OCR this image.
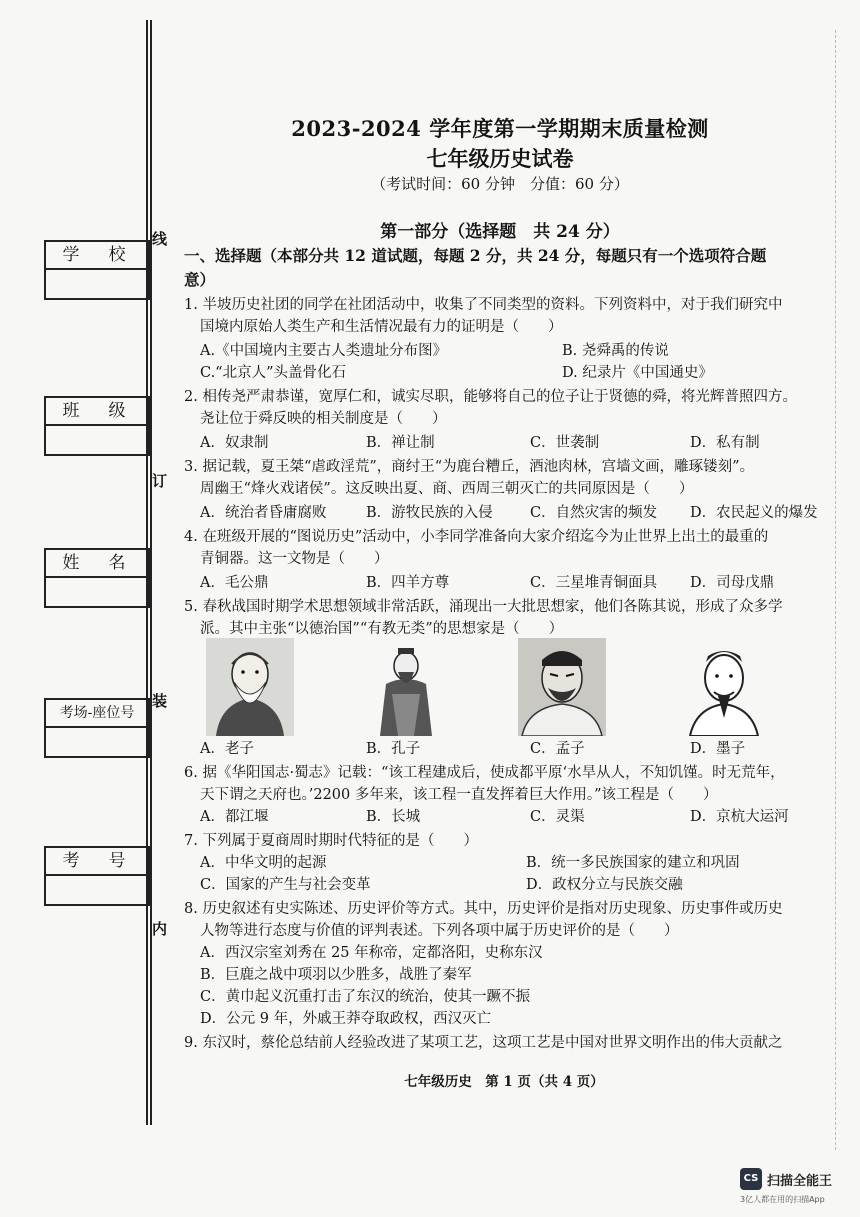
线
订
装
内
学　校
班　级
姓　名
考场-座位号
考　号
2023-2024 学年度第一学期期末质量检测
七年级历史试卷
（考试时间：60 分钟　分值：60 分）
第一部分（选择题　共 24 分）
一、选择题（本部分共 12 道试题，每题 2 分，共 24 分，每题只有一个选项符合题
意）
1. 半坡历史社团的同学在社团活动中，收集了不同类型的资料。下列资料中，对于我们研究中
国境内原始人类生产和生活情况最有力的证明是（　　）
A.《中国境内主要古人类遗址分布图》	B. 尧舜禹的传说
C.“北京人”头盖骨化石	D. 纪录片《中国通史》
2. 相传尧严肃恭谨，宽厚仁和，诚实尽职，能够将自己的位子让于贤德的舜，将光辉普照四方。
尧让位于舜反映的相关制度是（　　）
A．奴隶制	B．禅让制	C．世袭制	D．私有制
3. 据记载，夏王桀“虐政淫荒”，商纣王“为鹿台糟丘，酒池肉林，宫墙文画，雕琢镂刻”。
周幽王“烽火戏诸侯”。这反映出夏、商、西周三朝灭亡的共同原因是（　　）
A．统治者昏庸腐败	B．游牧民族的入侵	C．自然灾害的频发 D．农民起义的爆发
4. 在班级开展的“图说历史”活动中，小李同学准备向大家介绍迄今为止世界上出土的最重的
青铜器。这一文物是（　　）
A．毛公鼎	B．四羊方尊	C．三星堆青铜面具 D．司母戊鼎
5. 春秋战国时期学术思想领域非常活跃，涌现出一大批思想家，他们各陈其说，形成了众多学
派。其中主张“以德治国”“有教无类”的思想家是（　　）
A．老子	B．孔子	C．孟子	D．墨子
6. 据《华阳国志·蜀志》记载：“该工程建成后，使成都平原‘水旱从人，不知饥馑。时无荒年，
天下谓之天府也。’2200 多年来，该工程一直发挥着巨大作用。”该工程是（　　）
A．都江堰	B．长城	C．灵渠	D．京杭大运河
7. 下列属于夏商周时期时代特征的是（　　）
A．中华文明的起源	B．统一多民族国家的建立和巩固
C．国家的产生与社会变革	D．政权分立与民族交融
8. 历史叙述有史实陈述、历史评价等方式。其中，历史评价是指对历史现象、历史事件或历史
人物等进行态度与价值的评判表述。下列各项中属于历史评价的是（　　）
A．西汉宗室刘秀在 25 年称帝，定都洛阳，史称东汉
B．巨鹿之战中项羽以少胜多，战胜了秦军
C．黄巾起义沉重打击了东汉的统治，使其一蹶不振
D．公元 9 年，外戚王莽夺取政权，西汉灭亡
9. 东汉时，蔡伦总结前人经验改进了某项工艺，这项工艺是中国对世界文明作出的伟大贡献之
七年级历史　第 1 页（共 4 页）
CS 扫描全能王
3亿人都在用的扫描App
